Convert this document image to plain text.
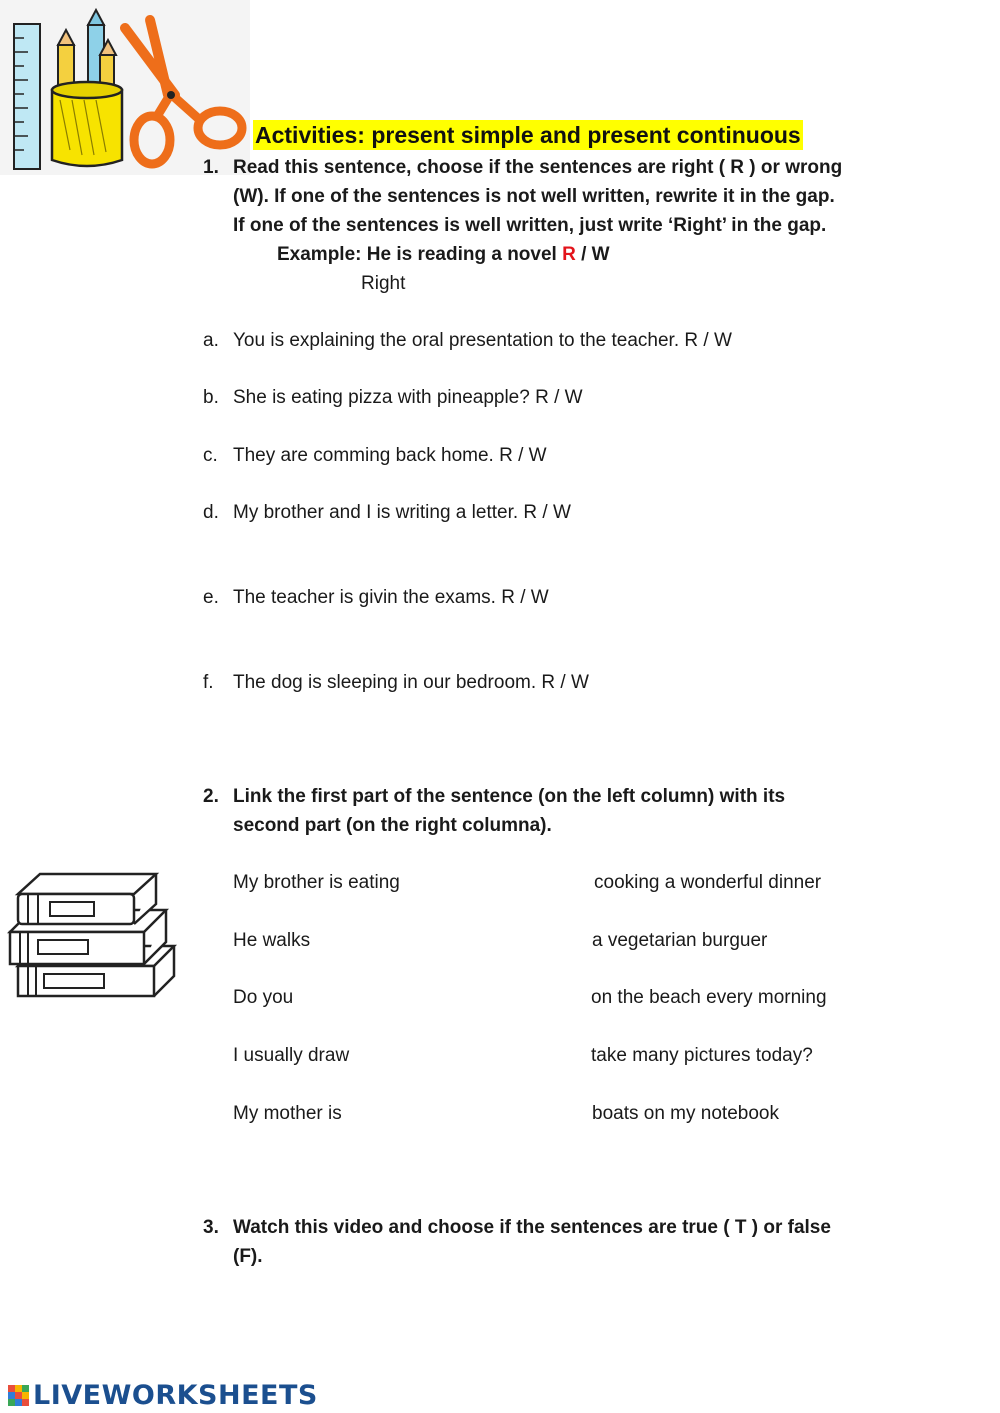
Activities: present simple and present continuous
1. Read this sentence, choose if the sentences are right ( R ) or wrong
(W). If one of the sentences is not well written, rewrite it in the gap.
If one of the sentences is well written, just write ‘Right’ in the gap.
Example: He is reading a novel R / W
Right
a. You is explaining the oral presentation to the teacher. R / W
b. She is eating pizza with pineapple? R / W
c. They are comming back home. R / W
d. My brother and I is writing a letter. R / W
e. The teacher is givin the exams. R / W
f.	The dog is sleeping in our bedroom. R / W
2. Link the first part of the sentence (on the left column) with its
second part (on the right columna).
My brother is eating
He walks
Do you
I usually draw
My mother is
cooking a wonderful dinner
a vegetarian burguer
on the beach every morning
take many pictures today?
boats on my notebook
3. Watch this video and choose if the sentences are true ( T ) or false
(F).
LIVEWORKSHEETS
